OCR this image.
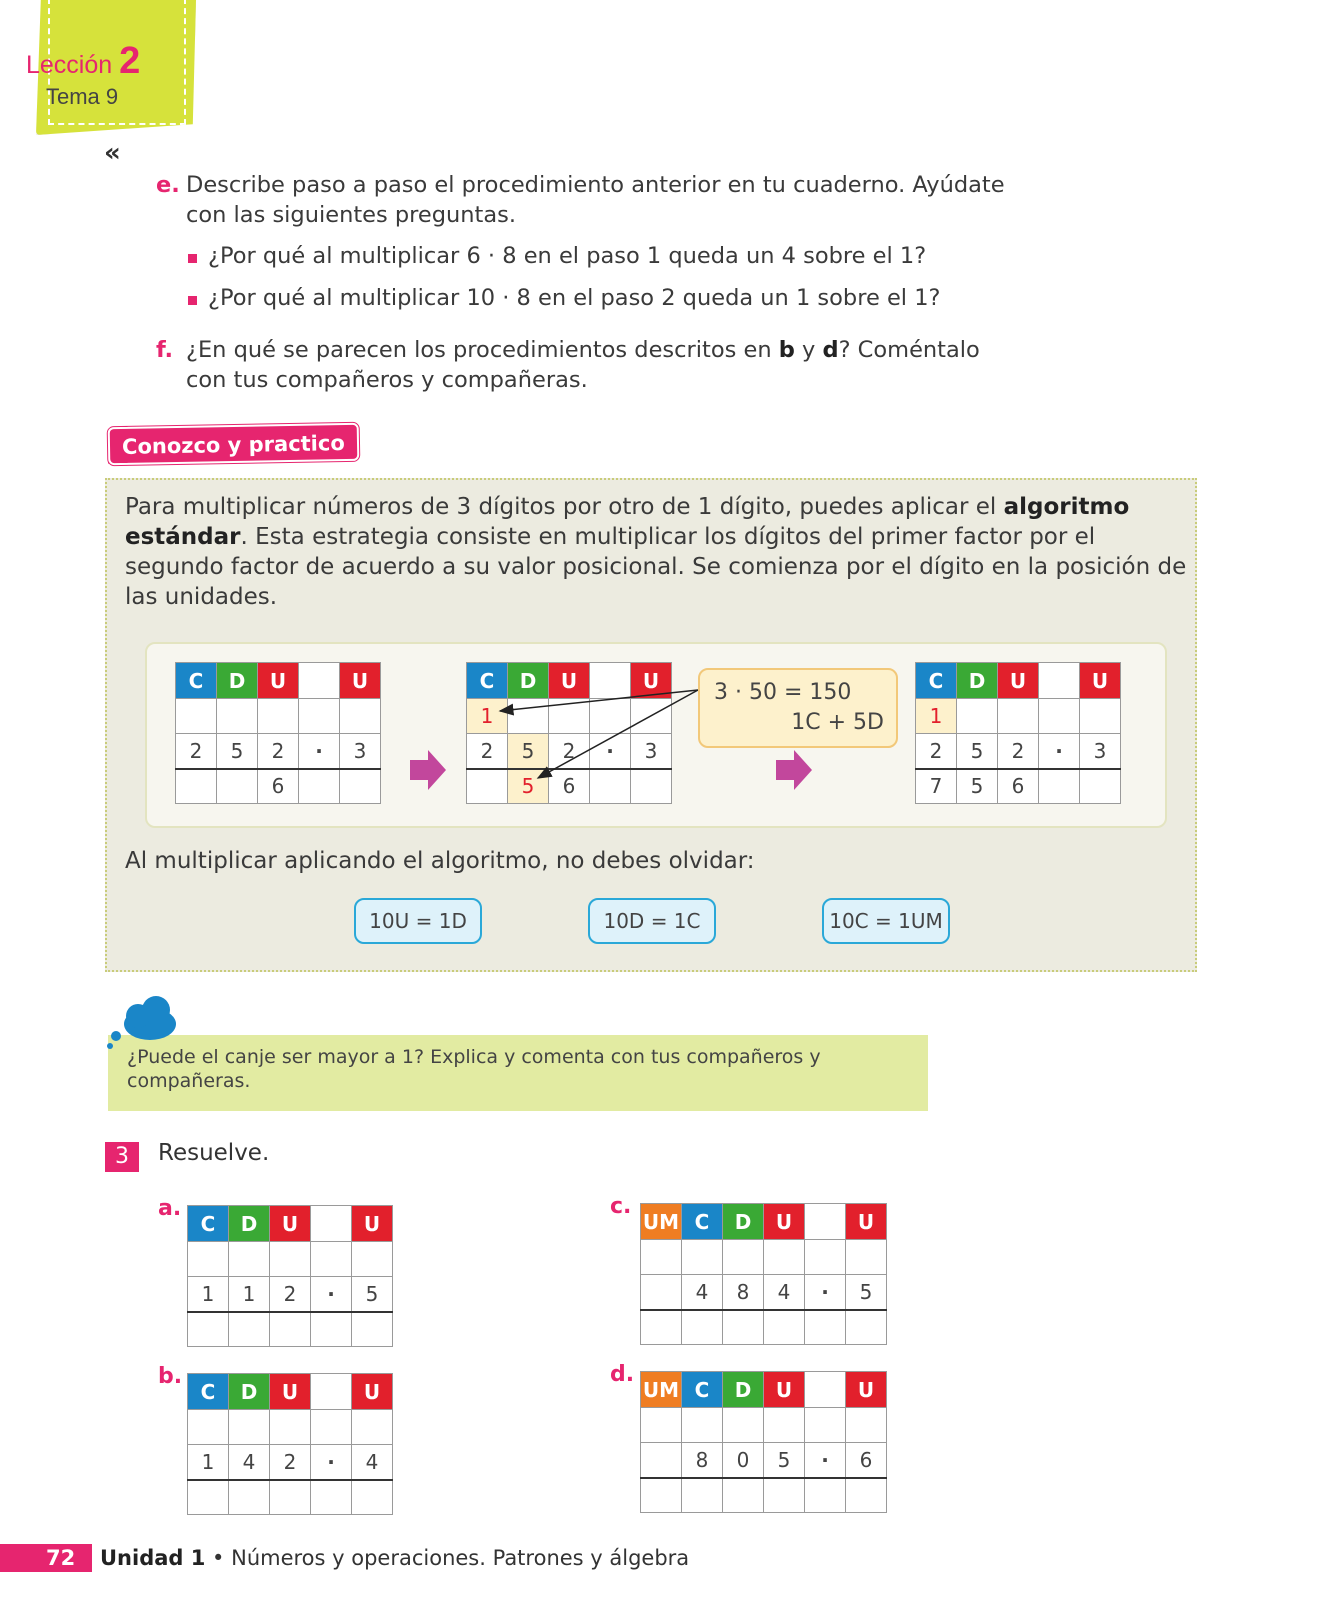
Lección 2
Tema 9
«
e. Describe paso a paso el procedimiento anterior en tu cuaderno. Ayúdate
con las siguientes preguntas.
¿Por qué al multiplicar 6 · 8 en el paso 1 queda un 4 sobre el 1?
¿Por qué al multiplicar 10 · 8 en el paso 2 queda un 1 sobre el 1?
f. ¿En qué se parecen los procedimientos descritos en b y d? Coméntalo
con tus compañeros y compañeras.
Conozco y practico
Para multiplicar números de 3 dígitos por otro de 1 dígito, puedes aplicar el algoritmo
estándar. Esta estrategia consiste en multiplicar los dígitos del primer factor por el
segundo factor de acuerdo a su valor posicional. Se comienza por el dígito en la posición de
las unidades.
C	D	U		U

2	5	2	·	3
		6		
C	D	U		U
1				
2	5	2	·	3
	5	6		
3 · 50 = 150
1C + 5D
C	D	U		U
1				
2	5	2	·	3
7	5	6		
Al multiplicar aplicando el algoritmo, no debes olvidar:
10U = 1D	10D = 1C	10C = 1UM
¿Puede el canje ser mayor a 1? Explica y comenta con tus compañeros y compañeras.
3	Resuelve.
a.
C	D	U		U

1	1	2	·	5

b.
C	D	U		U

1	4	2	·	4

c.
UM	C	D	U		U

	4	8	4	·	5

d.
UM	C	D	U		U

	8	0	5	·	6

72 Unidad 1 • Números y operaciones. Patrones y álgebra
